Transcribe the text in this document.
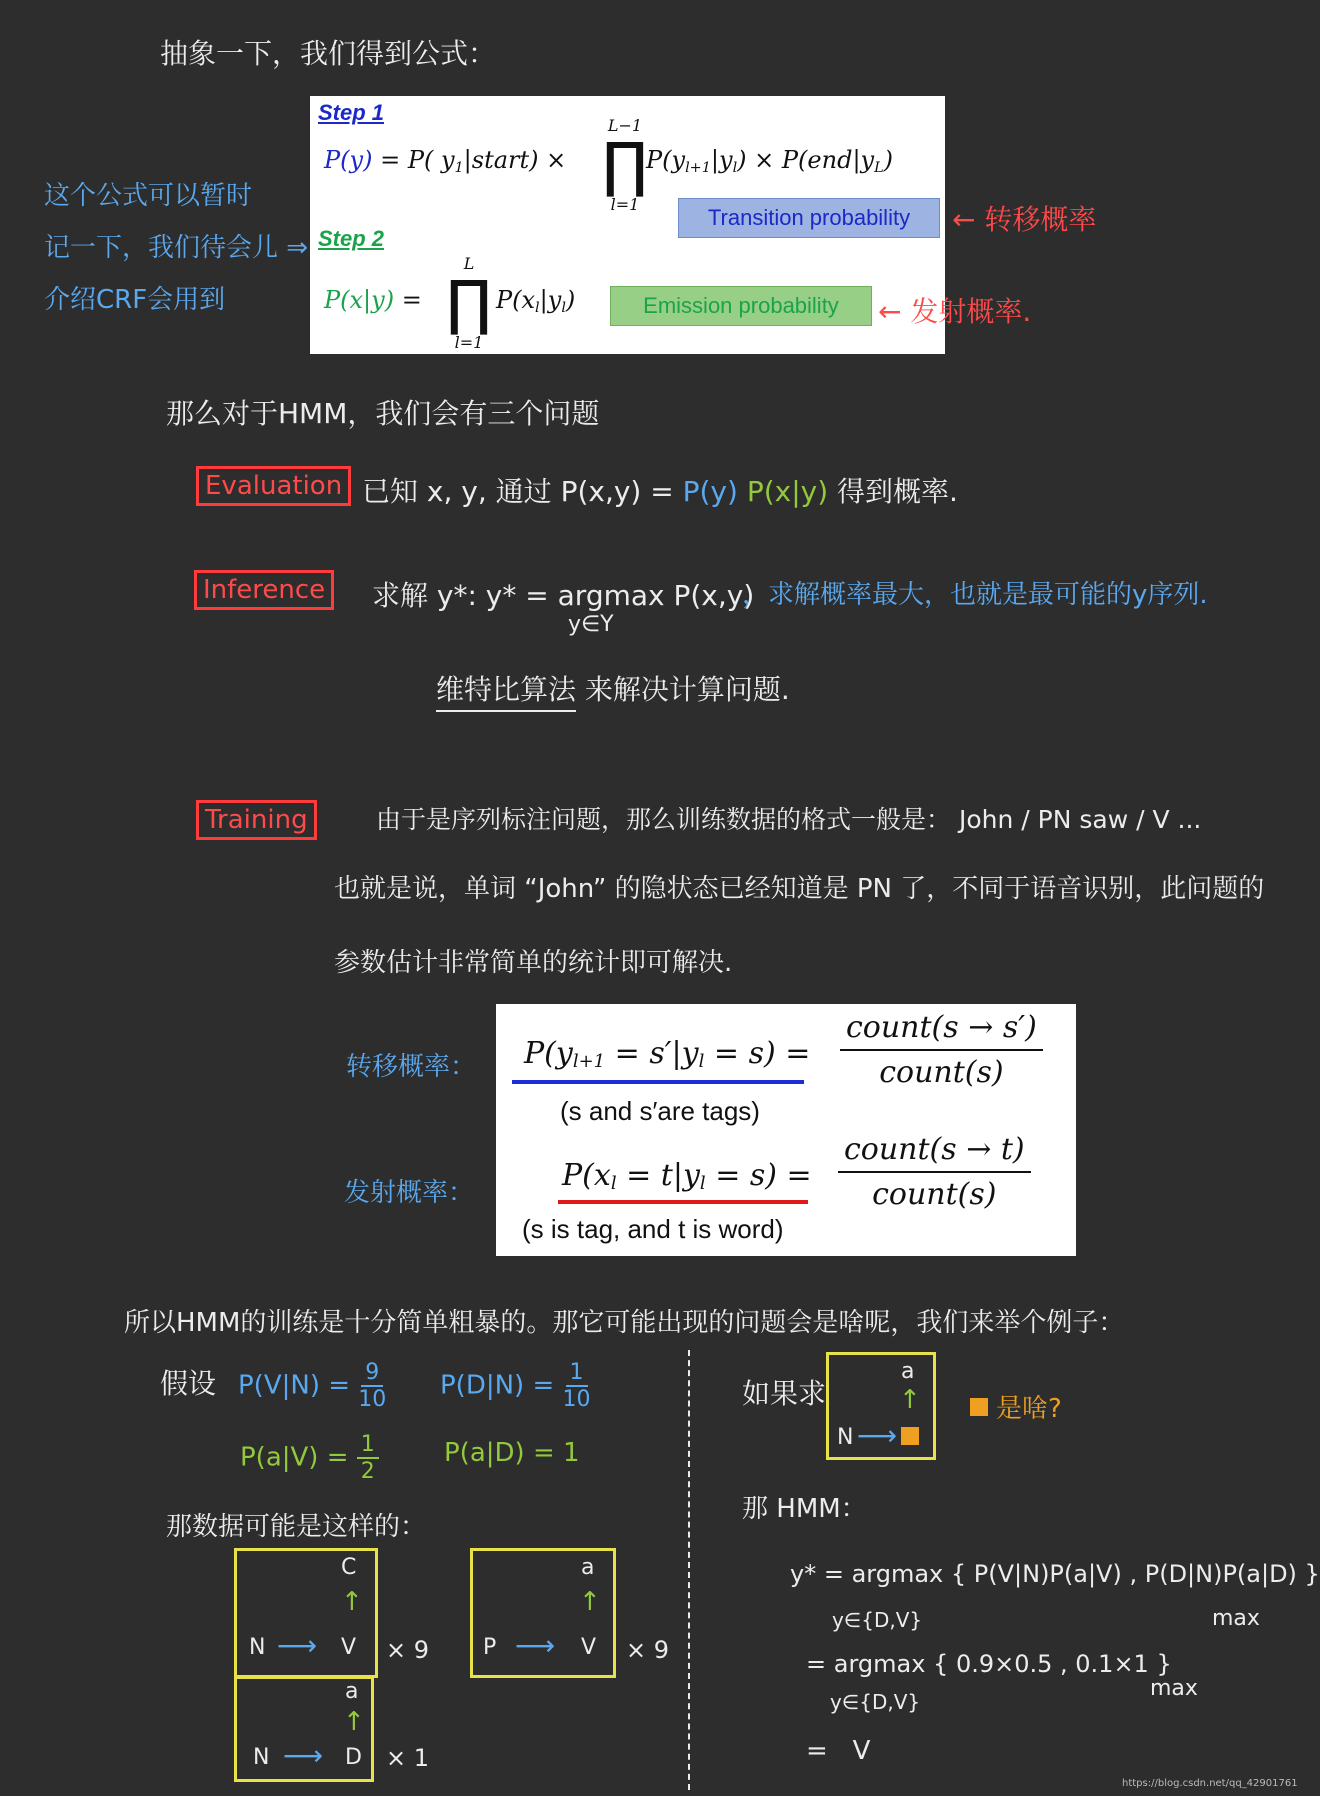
抽象一下，我们得到公式：
Step 1
P(y) = P( $y_1|start$) ×
L−1
∏
l=1
$P(y_{l+1}|y_l) \times P(end|y_L)$
Transition probability
Step 2
P(x|y) =
L
∏
l=1
$P(x_l|y_l)$	Emission probability
这个公式可以暂时
记一下，我们待会儿 ⇒
介绍CRF会用到
← 转移概率
← 发射概率.
那么对于HMM，我们会有三个问题
Evaluation 已知 x, y, 通过 P(x,y) = P(y) P(x|y) 得到概率.
Inference	求解 y*: y* = argmax P(x,y)
y∈Y
，求解概率最大，也就是最可能的y序列.
维特比算法 来解决计算问题.
Training	由于是序列标注问题，那么训练数据的格式一般是： John / PN saw / V ...
也就是说，单词 “John” 的隐状态已经知道是 PN 了，不同于语音识别，此问题的
参数估计非常简单的统计即可解决.
$P(y_{l+1} = s'|y_l = s)$ =
count(s → s′)
count(s)
(s and s′are tags)
$P(x_l = t|y_l = s)$ =
count(s → t)
count(s)
(s is tag, and t is word)
转移概率：
发射概率：
所以HMM的训练是十分简单粗暴的。那它可能出现的问题会是啥呢，我们来举个例子：
假设 $P(V|N) = \frac{9}{10} P(D|N) = \frac{1}{10}$
$P(a|V) = \frac{1}{2}$	P(a|D) = 1
那数据可能是这样的：
C
↑
N ⟶ V × 9
a
↑
P ⟶ V × 9
a
↑
N ⟶ D × 1
如果求
a
↑
N ⟶
是啥?
那 HMM：
y* = argmax { P(V|N)P(a|V) , P(D|N)P(a|D) }
y∈{D,V}	max
= argmax { 0.9×0.5 , 0.1×1 }
y∈{D,V}
max
=   V
https://blog.csdn.net/qq_42901761
